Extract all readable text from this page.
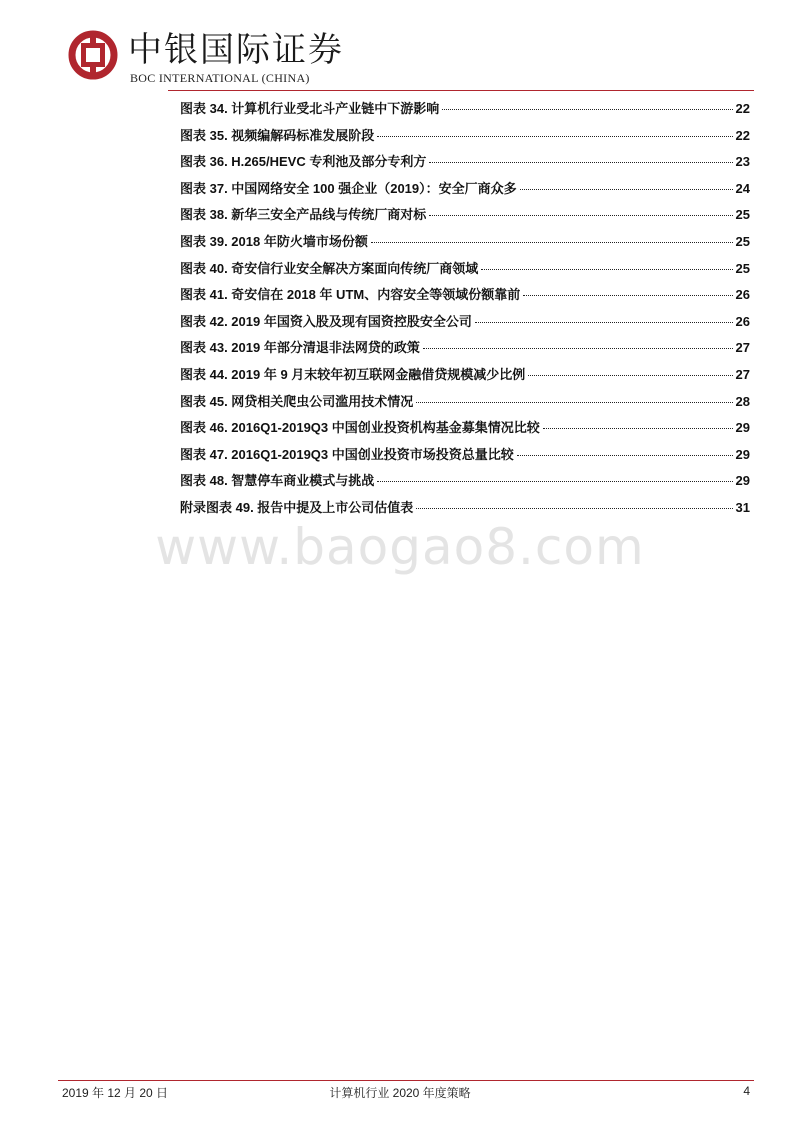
中银国际证券
BOC INTERNATIONAL (CHINA)
图表 34. 计算机行业受北斗产业链中下游影响	22
图表 35. 视频编解码标准发展阶段	22
图表 36. H.265/HEVC 专利池及部分专利方	23
图表 37. 中国网络安全 100 强企业（2019）：安全厂商众多	24
图表 38. 新华三安全产品线与传统厂商对标	25
图表 39. 2018 年防火墙市场份额	25
图表 40. 奇安信行业安全解决方案面向传统厂商领域	25
图表 41. 奇安信在 2018 年 UTM、内容安全等领域份额靠前	26
图表 42. 2019 年国资入股及现有国资控股安全公司	26
图表 43. 2019 年部分清退非法网贷的政策	27
图表 44. 2019 年 9 月末较年初互联网金融借贷规模减少比例	27
图表 45. 网贷相关爬虫公司滥用技术情况	28
图表 46. 2016Q1-2019Q3 中国创业投资机构基金募集情况比较	29
图表 47. 2016Q1-2019Q3 中国创业投资市场投资总量比较	29
图表 48. 智慧停车商业模式与挑战	29
附录图表 49. 报告中提及上市公司估值表	31
www.baogao8.com
2019 年 12 月 20 日	计算机行业 2020 年度策略	4
